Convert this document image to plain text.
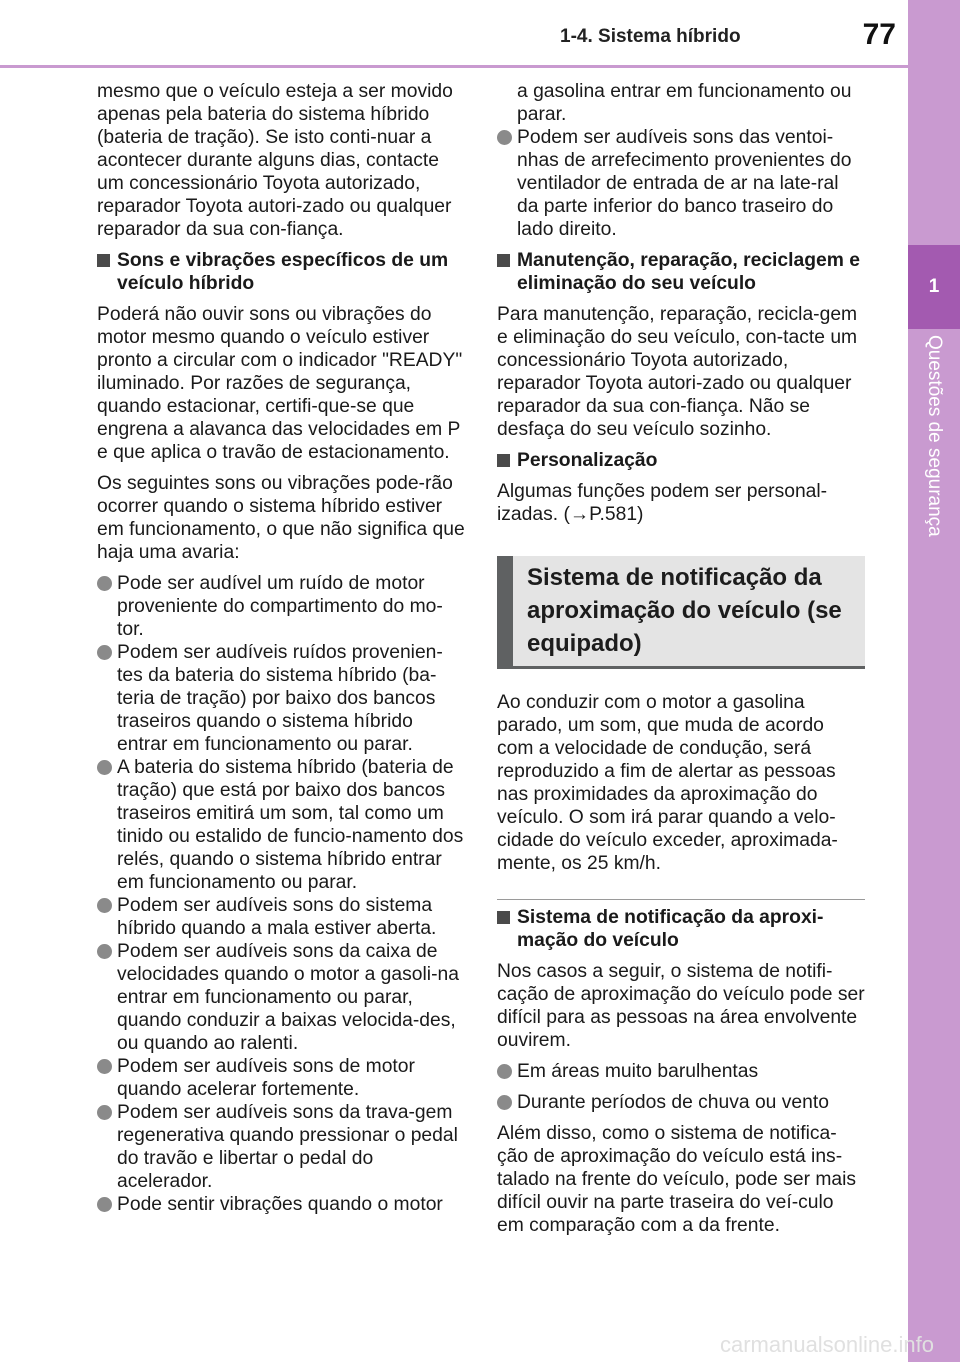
1
Questões de segurança
1-4. Sistema híbrido	77

mesmo que o veículo esteja a ser movido apenas pela bateria do sistema híbrido (bateria de tração). Se isto conti-nuar a acontecer durante alguns dias, contacte um concessionário Toyota autorizado, reparador Toyota autori-zado ou qualquer reparador da sua con-fiança.

Sons e vibrações específicos de um veículo híbrido

Poderá não ouvir sons ou vibrações do motor mesmo quando o veículo estiver pronto a circular com o indicador "READY" iluminado. Por razões de segurança, quando estacionar, certifi-que-se que engrena a alavanca das velocidades em P e que aplica o travão de estacionamento.

Os seguintes sons ou vibrações pode-rão ocorrer quando o sistema híbrido estiver em funcionamento, o que não significa que haja uma avaria:

Pode ser audível um ruído de motor proveniente do compartimento do mo-tor.
Podem ser audíveis ruídos provenien-tes da bateria do sistema híbrido (ba-teria de tração) por baixo dos bancos traseiros quando o sistema híbrido entrar em funcionamento ou parar.
A bateria do sistema híbrido (bateria de tração) que está por baixo dos bancos traseiros emitirá um som, tal como um tinido ou estalido de funcio-namento dos relés, quando o sistema híbrido entrar em funcionamento ou parar.
Podem ser audíveis sons do sistema híbrido quando a mala estiver aberta.
Podem ser audíveis sons da caixa de velocidades quando o motor a gasoli-na entrar em funcionamento ou parar, quando conduzir a baixas velocida-des, ou quando ao ralenti.
Podem ser audíveis sons de motor quando acelerar fortemente.
Podem ser audíveis sons da trava-gem regenerativa quando pressionar o pedal do travão e libertar o pedal do acelerador.
Pode sentir vibrações quando o motor
a gasolina entrar em funcionamento ou parar.
Podem ser audíveis sons das ventoi-nhas de arrefecimento provenientes do ventilador de entrada de ar na late-ral da parte inferior do banco traseiro do lado direito.
Manutenção, reparação, reciclagem e eliminação do seu veículo

Para manutenção, reparação, recicla-gem e eliminação do seu veículo, con-tacte um concessionário Toyota autorizado, reparador Toyota autori-zado ou qualquer reparador da sua con-fiança. Não se desfaça do seu veículo sozinho.

Personalização

Algumas funções podem ser personal-izadas. (→P.581)

Sistema de notificação da aproximação do veículo (se equipado)

Ao conduzir com o motor a gasolina parado, um som, que muda de acordo com a velocidade de condução, será reproduzido a fim de alertar as pessoas nas proximidades da aproximação do veículo. O som irá parar quando a velo-cidade do veículo exceder, aproximada-mente, os 25 km/h.

Sistema de notificação da aproxi-mação do veículo

Nos casos a seguir, o sistema de notifi-cação de aproximação do veículo pode ser difícil para as pessoas na área envolvente ouvirem.

Em áreas muito barulhentas
Durante períodos de chuva ou vento

Além disso, como o sistema de notifica-ção de aproximação do veículo está ins-talado na frente do veículo, pode ser mais difícil ouvir na parte traseira do veí-culo em comparação com a da frente.

carmanualsonline.info
